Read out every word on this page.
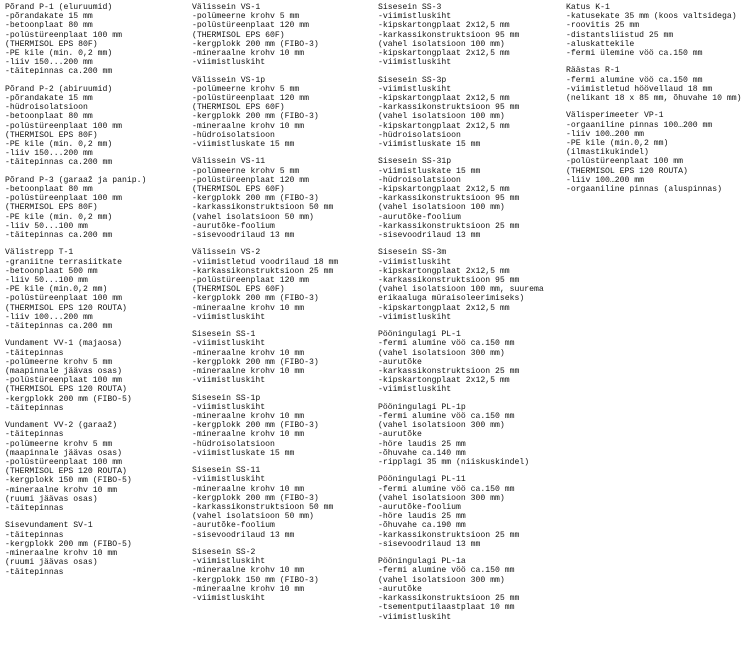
Põrand P-1 (eluruumid)
-põrandakate 15 mm
-betoonplaat 80 mm
-polüstüreenplaat 100 mm
(THERMISOL EPS 80F)
-PE kile (min. 0,2 mm)
-liiv 150...200 mm
-täitepinnas ca.200 mm
Põrand P-2 (abiruumid)
-põrandakate 15 mm
-hüdroisolatsioon
-betoonplaat 80 mm
-polüstüreenplaat 100 mm
(THERMISOL EPS 80F)
-PE kile (min. 0,2 mm)
-liiv 150...200 mm
-täitepinnas ca.200 mm
Põrand P-3 (garaaž ja panip.)
-betoonplaat 80 mm
-polüstüreenplaat 100 mm
(THERMISOL EPS 80F)
-PE kile (min. 0,2 mm)
-liiv 50...100 mm
-täitepinnas ca.200 mm
Välistrepp T-1
-graniitne terrasiitkate
-betoonplaat 500 mm
-liiv 50...100 mm
-PE kile (min.0,2 mm)
-polüstüreenplaat 100 mm
(THERMISOL EPS 120 ROUTA)
-liiv 100...200 mm
-täitepinnas ca.200 mm
Vundament VV-1 (majaosa)
-täitepinnas
-polümeerne krohv 5 mm
(maapinnale jäävas osas)
-polüstüreenplaat 100 mm
(THERMISOL EPS 120 ROUTA)
-kergplokk 200 mm (FIBO-5)
-täitepinnas
Vundament VV-2 (garaaž)
-täitepinnas
-polümeerne krohv 5 mm
(maapinnale jäävas osas)
-polüstüreenplaat 100 mm
(THERMISOL EPS 120 ROUTA)
-kergplokk 150 mm (FIBO-5)
-mineraalne krohv 10 mm
(ruumi jäävas osas)
-täitepinnas
Sisevundament SV-1
-täitepinnas
-kergplokk 200 mm (FIBO-5)
-mineraalne krohv 10 mm
(ruumi jäävas osas)
-täitepinnas
Välissein VS-1
-polümeerne krohv 5 mm
-polüstüreenplaat 120 mm
(THERMISOL EPS 60F)
-kergplokk 200 mm (FIBO-3)
-mineraalne krohv 10 mm
-viimistluskiht
Välissein VS-1p
-polümeerne krohv 5 mm
-polüstüreenplaat 120 mm
(THERMISOL EPS 60F)
-kergplokk 200 mm (FIBO-3)
-mineraalne krohv 10 mm
-hüdroisolatsioon
-viimistluskate 15 mm
Välissein VS-11
-polümeerne krohv 5 mm
-polüstüreenplaat 120 mm
(THERMISOL EPS 60F)
-kergplokk 200 mm (FIBO-3)
-karkassikonstruktsioon 50 mm
(vahel isolatsioon 50 mm)
-aurutõke-foolium
-sisevoodrilaud 13 mm
Välissein VS-2
-viimistletud voodrilaud 18 mm
-karkassikonstruktsioon 25 mm
-polüstüreenplaat 120 mm
(THERMISOL EPS 60F)
-kergplokk 200 mm (FIBO-3)
-mineraalne krohv 10 mm
-viimistluskiht
Sisesein SS-1
-viimistluskiht
-mineraalne krohv 10 mm
-kergplokk 200 mm (FIBO-3)
-mineraalne krohv 10 mm
-viimistluskiht
Sisesein SS-1p
-viimistluskiht
-mineraalne krohv 10 mm
-kergplokk 200 mm (FIBO-3)
-mineraalne krohv 10 mm
-hüdroisolatsioon
-viimistluskate 15 mm
Sisesein SS-11
-viimistluskiht
-mineraalne krohv 10 mm
-kergplokk 200 mm (FIBO-3)
-karkassikonstruktsioon 50 mm
(vahel isolatsioon 50 mm)
-aurutõke-foolium
-sisevoodrilaud 13 mm
Sisesein SS-2
-viimistluskiht
-mineraalne krohv 10 mm
-kergplokk 150 mm (FIBO-3)
-mineraalne krohv 10 mm
-viimistluskiht
Sisesein SS-3
-viimistluskiht
-kipskartongplaat 2x12,5 mm
-karkassikonstruktsioon 95 mm
(vahel isolatsioon 100 mm)
-kipskartongplaat 2x12,5 mm
-viimistluskiht
Sisesein SS-3p
-viimistluskiht
-kipskartongplaat 2x12,5 mm
-karkassikonstruktsioon 95 mm
(vahel isolatsioon 100 mm)
-kipskartongplaat 2x12,5 mm
-hüdroisolatsioon
-viimistluskate 15 mm
Sisesein SS-31p
-viimistluskate 15 mm
-hüdroisolatsioon
-kipskartongplaat 2x12,5 mm
-karkassikonstruktsioon 95 mm
(vahel isolatsioon 100 mm)
-aurutõke-foolium
-karkassikonstruktsioon 25 mm
-sisevoodrilaud 13 mm
Sisesein SS-3m
-viimistluskiht
-kipskartongplaat 2x12,5 mm
-karkassikonstruktsioon 95 mm
(vahel isolatsioon 100 mm, suurema
erikaaluga müraisoleerimiseks)
-kipskartongplaat 2x12,5 mm
-viimistluskiht
Pööningulagi PL-1
-fermi alumine vöö ca.150 mm
(vahel isolatsioon 300 mm)
-aurutõke
-karkassikonstruktsioon 25 mm
-kipskartongplaat 2x12,5 mm
-viimistluskiht
Pööningulagi PL-1p
-fermi alumine vöö ca.150 mm
(vahel isolatsioon 300 mm)
-aurutõke
-höre laudis 25 mm
-õhuvahe ca.140 mm
-ripplagi 35 mm (niiskuskindel)
Pööningulagi PL-11
-fermi alumine vöö ca.150 mm
(vahel isolatsioon 300 mm)
-aurutõke-foolium
-höre laudis 25 mm
-õhuvahe ca.190 mm
-karkassikonstruktsioon 25 mm
-sisevoodrilaud 13 mm
Pööningulagi PL-1a
-fermi alumine vöö ca.150 mm
(vahel isolatsioon 300 mm)
-aurutõke
-karkassikonstruktsioon 25 mm
-tsementputilaastplaat 10 mm
-viimistluskiht
Katus K-1
-katusekate 35 mm (koos valtsidega)
-roovitis 25 mm
-distantsliistud 25 mm
-aluskattekile
-fermi ülemine vöö ca.150 mm
Räästas R-1
-fermi alumine vöö ca.150 mm
-viimistletud höövellaud 18 mm
(nelikant 18 x 85 mm, õhuvahe 10 mm)
Välisperimeeter VP-1
-orgaaniline pinnas 100…200 mm
-liiv 100…200 mm
-PE kile (min.0,2 mm)
(ilmastikukindel)
-polüstüreenplaat 100 mm
(THERMISOL EPS 120 ROUTA)
-liiv 100…200 mm
-orgaaniline pinnas (aluspinnas)
